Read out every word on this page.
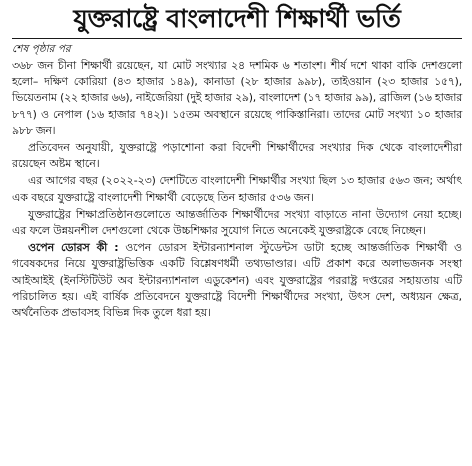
যুক্তরাষ্ট্রে বাংলাদেশী শিক্ষার্থী ভর্তি
শেষ পৃষ্ঠার পর

৩৬৮ জন চীনা শিক্ষার্থী রয়েছেন, যা মোট সংখ্যার ২৪ দশমিক ৬ শতাংশ। শীর্ষ দশে থাকা বাকি দেশগুলো হলো– দক্ষিণ কোরিয়া (৪৩ হাজার ১৪৯), কানাডা (২৮ হাজার ৯৯৮), তাইওয়ান (২৩ হাজার ১৫৭), ভিয়েতনাম (২২ হাজার ৬৬), নাইজেরিয়া (দুই হাজার ২৯), বাংলাদেশ (১৭ হাজার ৯৯), ব্রাজিল (১৬ হাজার ৮৭৭) ও নেপাল (১৬ হাজার ৭৪২)। ১৫তম অবস্থানে রয়েছে পাকিস্তানিরা। তাদের মোট সংখ্যা ১০ হাজার ৯৮৮ জন।

প্রতিবেদন অনুযায়ী, যুক্তরাষ্ট্রে পড়াশোনা করা বিদেশী শিক্ষার্থীদের সংখ্যার দিক থেকে বাংলাদেশীরা রয়েছেন অষ্টম স্থানে।

এর আগের বছর (২০২২-২৩) দেশটিতে বাংলাদেশী শিক্ষার্থীর সংখ্যা ছিল ১৩ হাজার ৫৬৩ জন; অর্থাৎ এক বছরে যুক্তরাষ্ট্রে বাংলাদেশী শিক্ষার্থী বেড়েছে তিন হাজার ৫৩৬ জন।

যুক্তরাষ্ট্রের শিক্ষাপ্রতিষ্ঠানগুলোতে আন্তর্জাতিক শিক্ষার্থীদের সংখ্যা বাড়াতে নানা উদ্যোগ নেয়া হচ্ছে। এর ফলে উন্নয়নশীল দেশগুলো থেকে উচ্চশিক্ষার সুযোগ নিতে অনেকেই যুক্তরাষ্ট্রকে বেছে নিচ্ছেন।

ওপেন ডোরস কী : ওপেন ডোরস ইন্টারন্যাশনাল স্টুডেন্টস ডাটা হচ্ছে আন্তর্জাতিক শিক্ষার্থী ও গবেষকদের নিয়ে যুক্তরাষ্ট্রভিত্তিক একটি বিশ্লেষণধর্মী তথ্যভাণ্ডার। এটি প্রকাশ করে অলাভজনক সংস্থা আইআইই (ইনস্টিটিউট অব ইন্টারন্যাশনাল এডুকেশন) এবং যুক্তরাষ্ট্রের পররাষ্ট্র দপ্তরের সহায়তায় এটি পরিচালিত হয়। এই বার্ষিক প্রতিবেদনে যুক্তরাষ্ট্রে বিদেশী শিক্ষার্থীদের সংখ্যা, উৎস দেশ, অধ্যয়ন ক্ষেত্র, অর্থনৈতিক প্রভাবসহ বিভিন্ন দিক তুলে ধরা হয়।
